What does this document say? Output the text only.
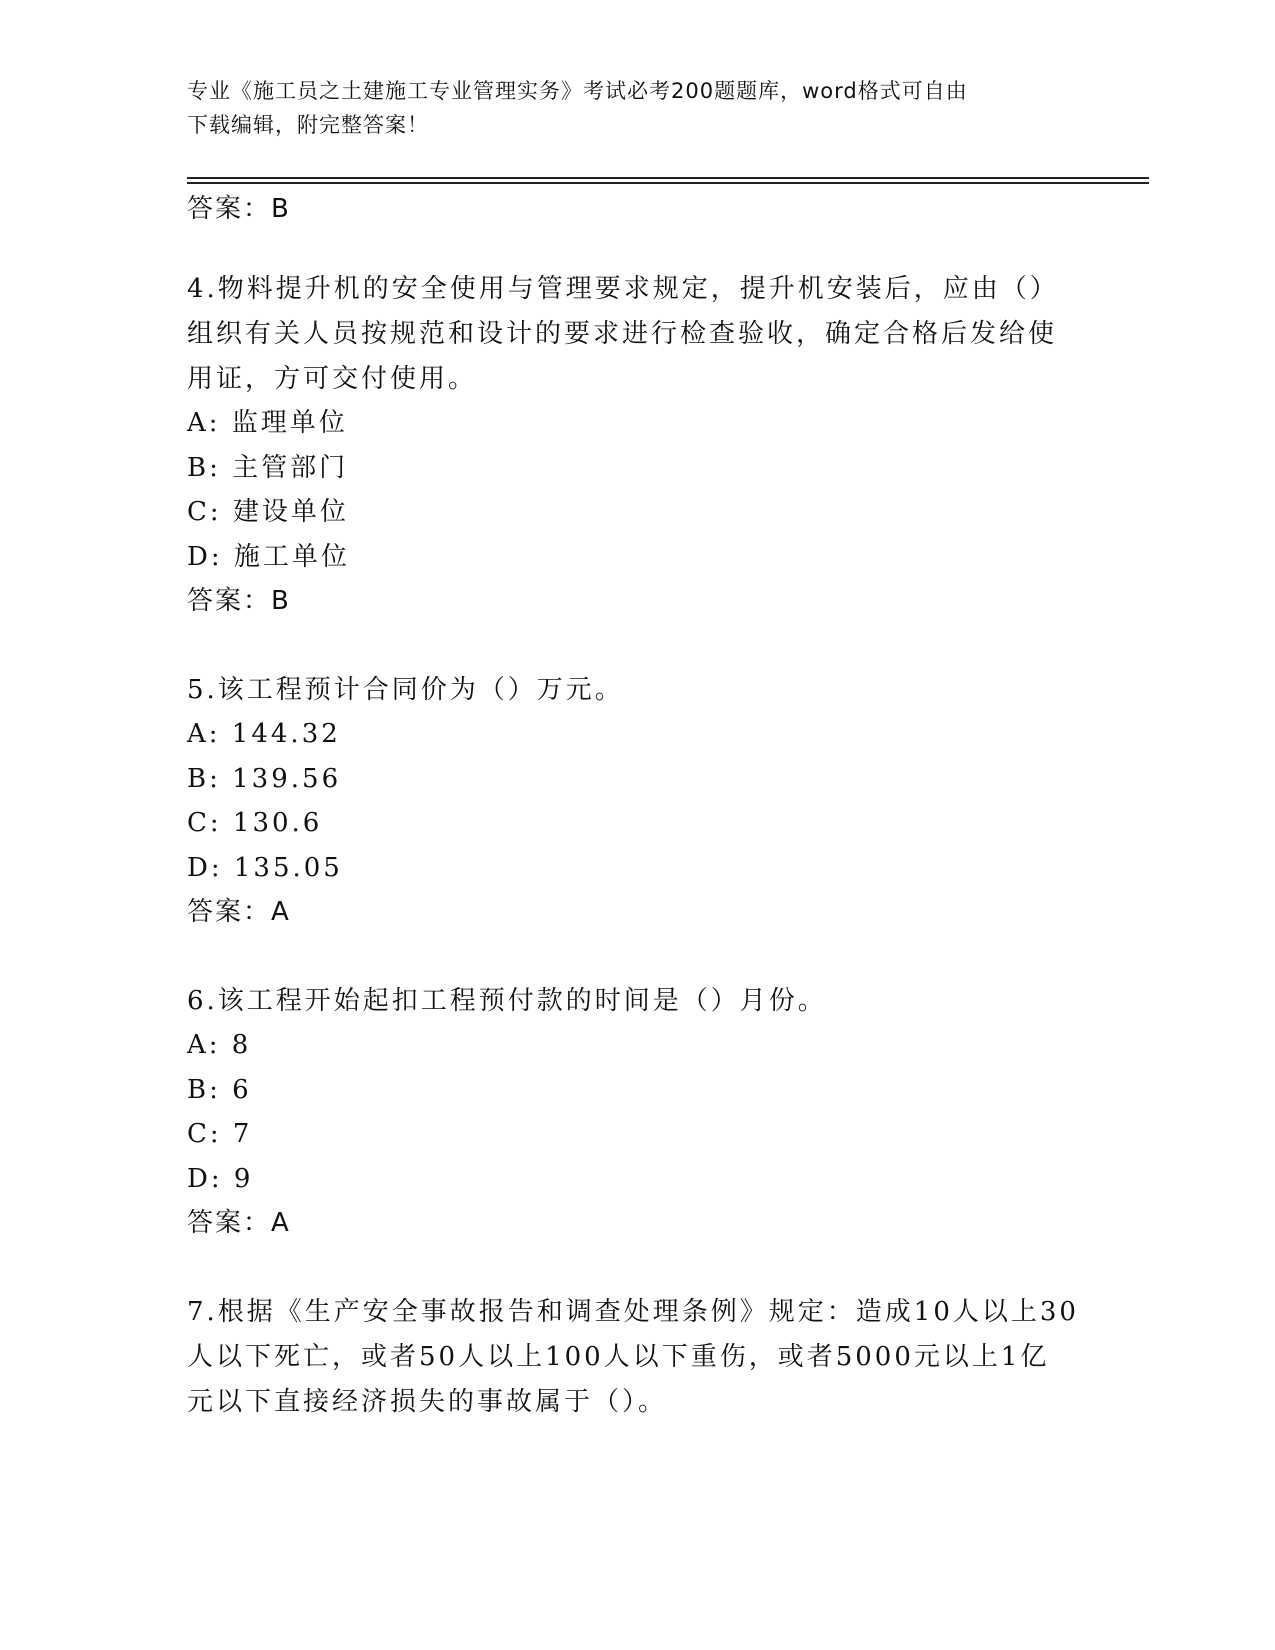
专业《施工员之土建施工专业管理实务》考试必考200题题库，word格式可自由
下载编辑，附完整答案！
答案：B
4.物料提升机的安全使用与管理要求规定，提升机安装后，应由（）
组织有关人员按规范和设计的要求进行检查验收，确定合格后发给使
用证，方可交付使用。
A: 监理单位
B: 主管部门
C: 建设单位
D: 施工单位
答案：B
5.该工程预计合同价为（）万元。
A: 144.32
B: 139.56
C: 130.6
D: 135.05
答案：A
6.该工程开始起扣工程预付款的时间是（）月份。
A: 8
B: 6
C: 7
D: 9
答案：A
7.根据《生产安全事故报告和调查处理条例》规定：造成10人以上30
人以下死亡，或者50人以上100人以下重伤，或者5000元以上1亿
元以下直接经济损失的事故属于（）。
